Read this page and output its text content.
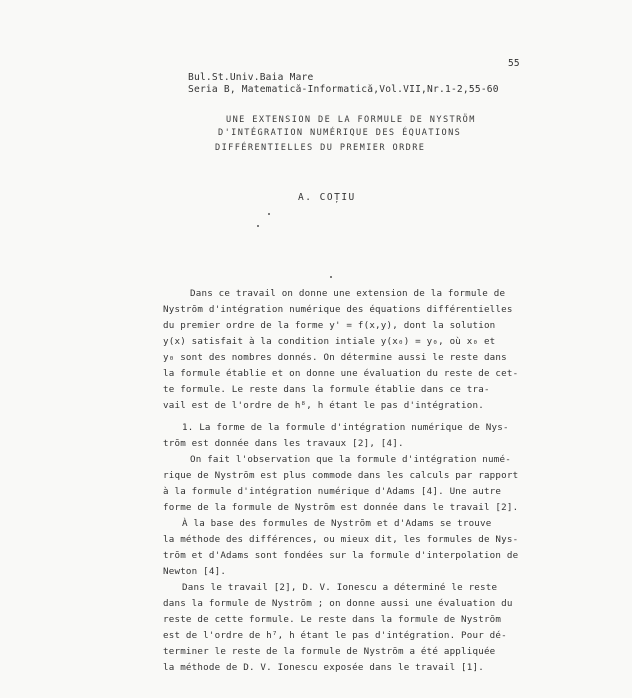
55
Bul.St.Univ.Baia Mare
Seria B, Matematică-Informatică,Vol.VII,Nr.1-2,55-60
UNE EXTENSION DE LA FORMULE DE NYSTRÖM
D'INTÉGRATION NUMÉRIQUE DES ÉQUATIONS
DIFFÉRENTIELLES DU PREMIER ORDRE
A. COȚIU
Dans ce travail on donne une extension de la formule de
Nystrōm d'intégration numérique des équations différentielles
du premier ordre de la forme y' = f(x,y), dont la solution
y(x) satisfait à la condition intiale y(x₀) = y₀, où x₀ et
y₀ sont des nombres donnés. On détermine aussi le reste dans
la formule établie et on donne une évaluation du reste de cet-
te formule. Le reste dans la formule établie dans ce tra-
vail est de l'ordre de h⁸, h étant le pas d'intégration.
1. La forme de la formule d'intégration numérique de Nys-
trōm est donnée dans les travaux [2], [4].
On fait l'observation que la formule d'intégration numé-
rique de Nystrōm est plus commode dans les calculs par rapport
à la formule d'intégration numérique d'Adams [4]. Une autre
forme de la formule de Nystrōm est donnée dans le travail [2].
À la base des formules de Nystrōm et d'Adams se trouve
la méthode des différences, ou mieux dit, les formules de Nys-
trōm et d'Adams sont fondées sur la formule d'interpolation de
Newton [4].
Dans le travail [2], D. V. Ionescu a déterminé le reste
dans la formule de Nystrōm ; on donne aussi une évaluation du
reste de cette formule. Le reste dans la formule de Nystrōm
est de l'ordre de h⁷, h étant le pas d'intégration. Pour dé-
terminer le reste de la formule de Nystrōm a été appliquée
la méthode de D. V. Ionescu exposée dans le travail [1].
